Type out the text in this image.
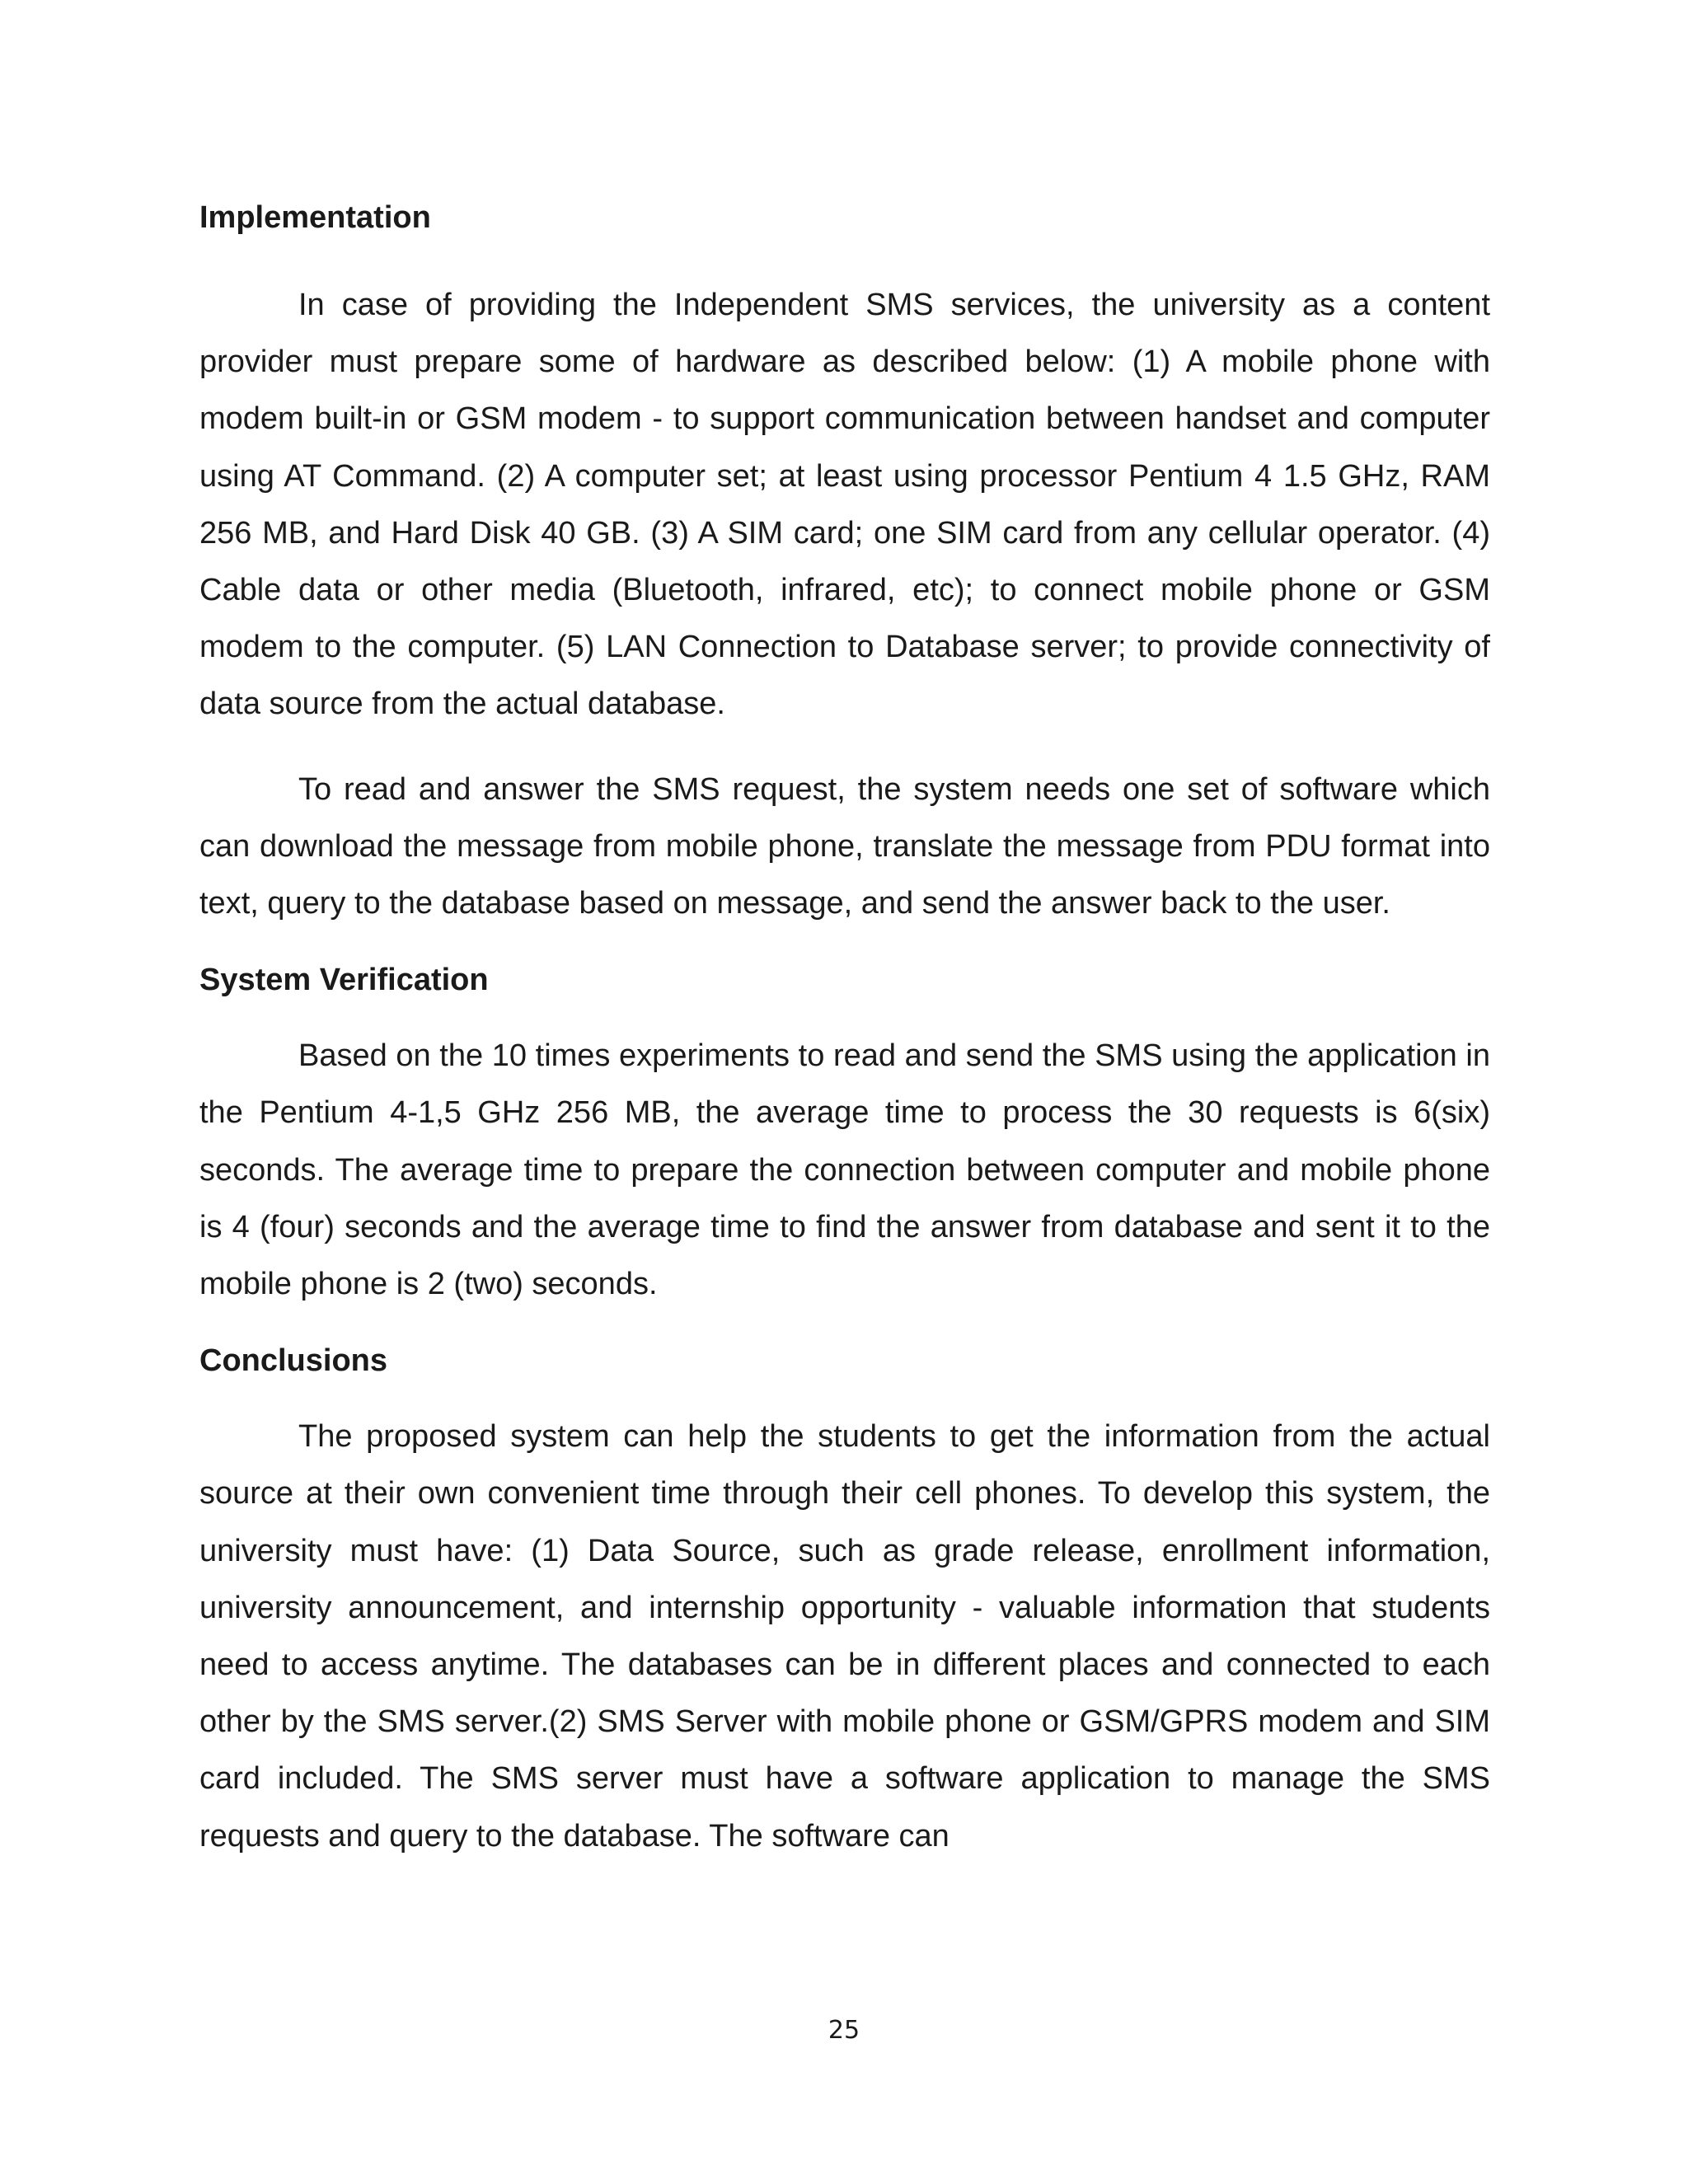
Implementation

In case of providing the Independent SMS services, the university as a content provider must prepare some of hardware as described below: (1) A mobile phone with modem built-in or GSM modem - to support communication between handset and computer using AT Command. (2) A computer set; at least using processor Pentium 4 1.5 GHz, RAM 256 MB, and Hard Disk 40 GB. (3) A SIM card; one SIM card from any cellular operator. (4) Cable data or other media (Bluetooth, infrared, etc); to connect mobile phone or GSM modem to the computer. (5) LAN Connection to Database server; to provide connectivity of data source from the actual database.

To read and answer the SMS request, the system needs one set of software which can download the message from mobile phone, translate the message from PDU format into text, query to the database based on message, and send the answer back to the user.

System Verification

Based on the 10 times experiments to read and send the SMS using the application in the Pentium 4-1,5 GHz 256 MB, the average time to process the 30 requests is 6(six) seconds. The average time to prepare the connection between computer and mobile phone is 4 (four) seconds and the average time to find the answer from database and sent it to the mobile phone is 2 (two) seconds.

Conclusions

The proposed system can help the students to get the information from the actual source at their own convenient time through their cell phones. To develop this system, the university must have: (1) Data Source, such as grade release, enrollment information, university announcement, and internship opportunity - valuable information that students need to access anytime. The databases can be in different places and connected to each other by the SMS server.(2) SMS Server with mobile phone or GSM/GPRS modem and SIM card included. The SMS server must have a software application to manage the SMS requests and query to the database. The software can

25
